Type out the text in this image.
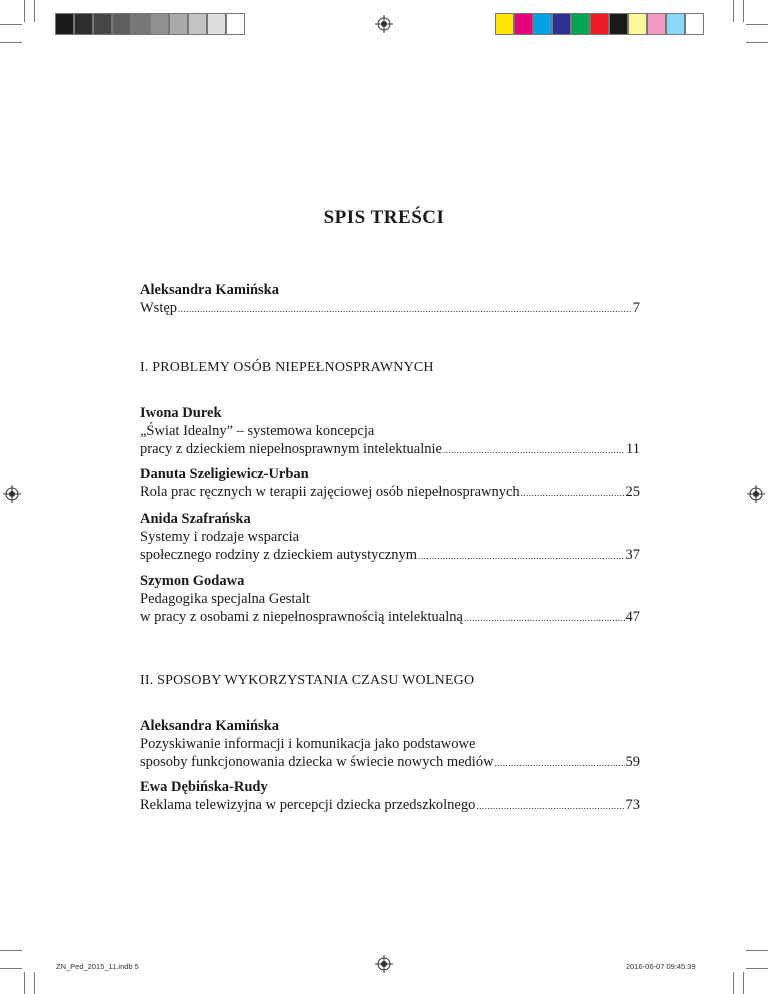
SPIS TREŚCI
Aleksandra Kamińska
Wstęp .....	7
I. PROBLEMY OSÓB NIEPEŁNOSPRAWNYCH
Iwona Durek
„Świat Idealny” – systemowa koncepcja
pracy z dzieckiem niepełnosprawnym intelektualnie .....	11
Danuta Szeligiewicz-Urban
Rola prac ręcznych w terapii zajęciowej osób niepełnosprawnych .....	25
Anida Szafrańska
Systemy i rodzaje wsparcia
społecznego rodziny z dzieckiem autystycznym .....	37
Szymon Godawa
Pedagogika specjalna Gestalt
w pracy z osobami z niepełnosprawnością intelektualną .....	47
II. SPOSOBY WYKORZYSTANIA CZASU WOLNEGO
Aleksandra Kamińska
Pozyskiwanie informacji i komunikacja jako podstawowe
sposoby funkcjonowania dziecka w świecie nowych mediów .....	59
Ewa Dębińska-Rudy
Reklama telewizyjna w percepcji dziecka przedszkolnego .....	73
ZN_Ped_2015_11.indb 5	2016-06-07 09:45:39
